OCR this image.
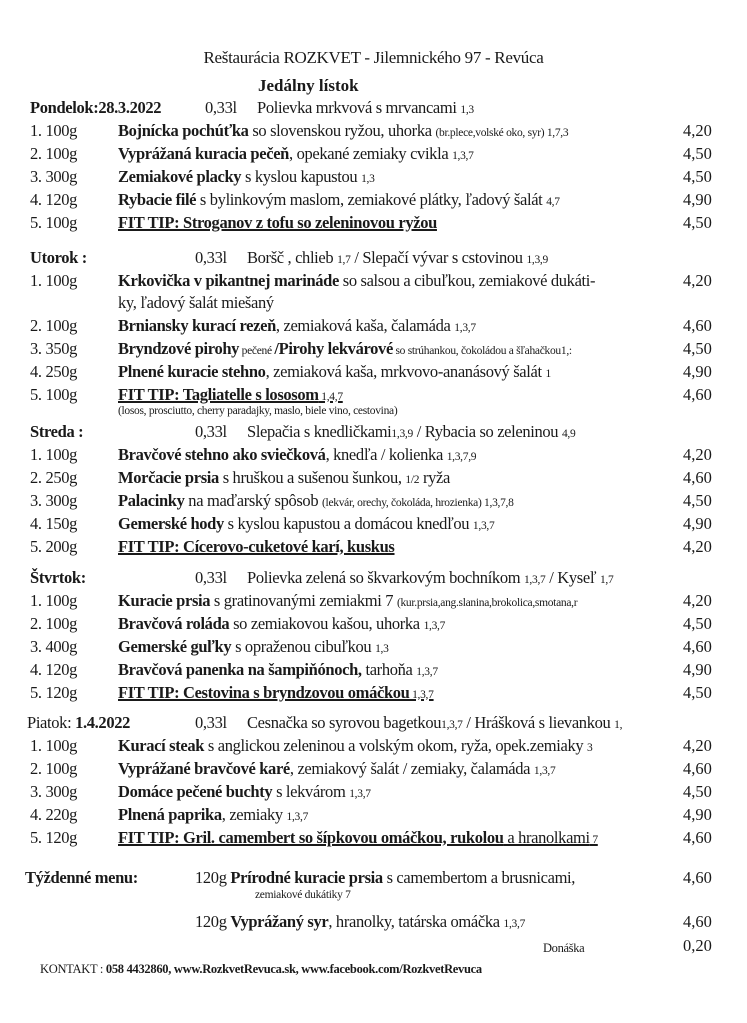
Reštaurácia ROZKVET - Jilemnického 97 - Revúca
Jedálny lístok
Pondelok:28.3.2022	0,33l Polievka mrkvová s mrvancami 1,3
1. 100g Bojnícka pochúťka so slovenskou ryžou, uhorka (br.plece,volské oko, syr) 1,7,3	4,20
2. 100g Vyprážaná kuracia pečeň, opekané zemiaky cvikla 1,3,7	4,50
3. 300g Zemiakové placky s kyslou kapustou 1,3	4,50
4. 120g Rybacie filé s bylinkovým maslom, zemiakové plátky, ľadový šalát 4,7	4,90
5. 100g FIT TIP: Stroganov z tofu so zeleninovou ryžou	4,50
Utorok :	0,33l Boršč , chlieb 1,7 / Slepačí vývar s cstovinou 1,3,9
1. 100g Krkovička v pikantnej marináde so salsou a cibuľkou, zemiakové dukáti-	4,20
ky, ľadový šalát miešaný
2. 100g Brniansky kurací rezeň, zemiaková kaša, čalamáda 1,3,7	4,60
3. 350g Bryndzové pirohy pečené /Pirohy lekvárové so strúhankou, čokoládou a šľahačkou1,:	4,50
4. 250g Plnené kuracie stehno, zemiaková kaša, mrkvovo-ananásový šalát 1	4,90
5. 100g FIT TIP: Tagliatelle s lososom 1,4,7	4,60
(losos, prosciutto, cherry paradajky, maslo, biele vino, cestovina)
Streda :	0,33l Slepačia s knedličkami1,3,9 / Rybacia so zeleninou 4,9
1. 100g Bravčové stehno ako sviečková, knedľa / kolienka 1,3,7,9	4,20
2. 250g Morčacie prsia s hruškou a sušenou šunkou, 1/2 ryža	4,60
3. 300g Palacinky na maďarský spôsob (lekvár, orechy, čokoláda, hrozienka) 1,3,7,8	4,50
4. 150g Gemerské hody s kyslou kapustou a domácou knedľou 1,3,7	4,90
5. 200g FIT TIP: Cícerovo-cuketové karí, kuskus	4,20
Štvrtok:	0,33l Polievka zelená so škvarkovým bochníkom 1,3,7 / Kyseľ 1,7
1. 100g Kuracie prsia s gratinovanými zemiakmi 7 (kur.prsia,ang.slanina,brokolica,smotana,r	4,20
2. 100g Bravčová roláda so zemiakovou kašou, uhorka 1,3,7	4,50
3. 400g Gemerské guľky s opraženou cibuľkou 1,3	4,60
4. 120g Bravčová panenka na šampiňónoch, tarhoňa 1,3,7	4,90
5. 120g FIT TIP: Cestovina s bryndzovou omáčkou 1,3,7	4,50
Piatok: 1.4.2022	0,33l Cesnačka so syrovou bagetkou1,3,7 / Hrášková s lievankou 1,
1. 100g Kurací steak s anglickou zeleninou a volským okom, ryža, opek.zemiaky 3	4,20
2. 100g Vyprážané bravčové karé, zemiakový šalát / zemiaky, čalamáda 1,3,7	4,60
3. 300g Domáce pečené buchty s lekvárom 1,3,7	4,50
4. 220g Plnená paprika, zemiaky 1,3,7	4,90
5. 120g FIT TIP: Gril. camembert so šípkovou omáčkou, rukolou a hranolkami 7	4,60
Týždenné menu:	120g Prírodné kuracie prsia s camembertom a brusnicami,	4,60
zemiakové dukátiky 7
120g Vyprážaný syr, hranolky, tatárska omáčka 1,3,7	4,60
Donáška	0,20
KONTAKT : 058 4432860, www.RozkvetRevuca.sk, www.facebook.com/RozkvetRevuca
